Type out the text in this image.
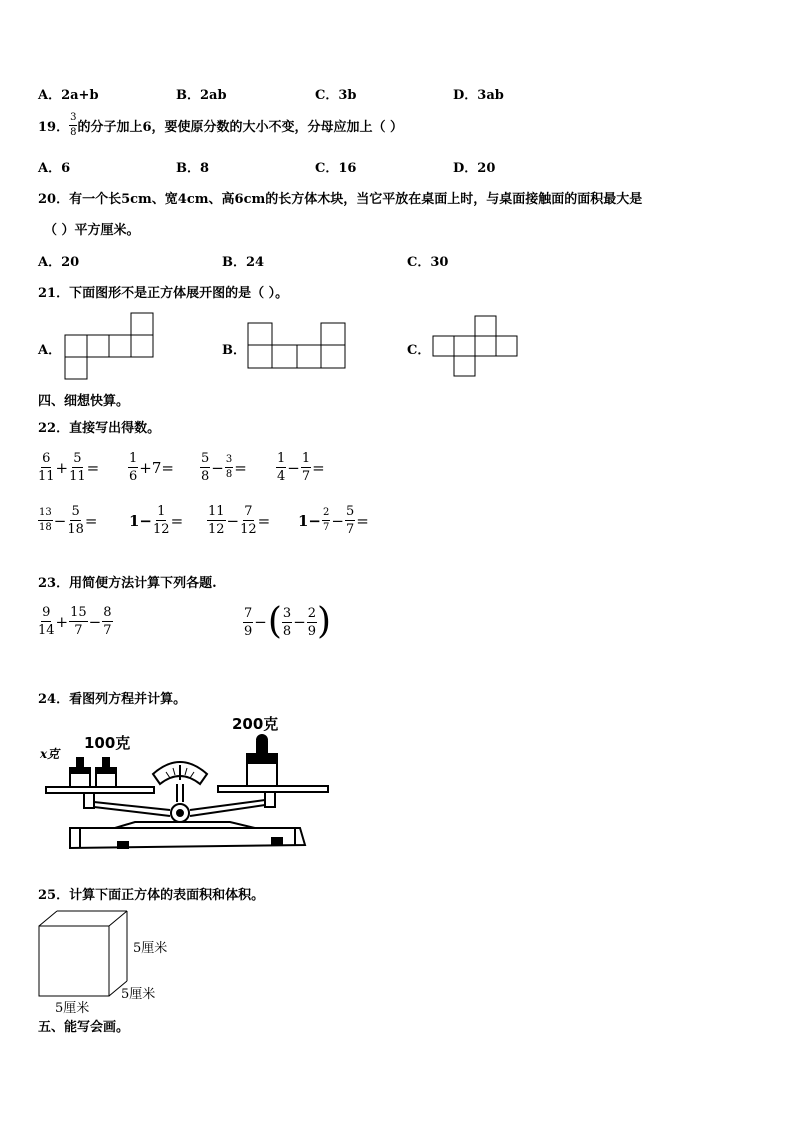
A．2a+b	B．2ab	C．3b	D．3ab
19． $\frac{3}{8}$ 的分子加上6，要使原分数的大小不变，分母应加上（ ）
A．6	B．8	C．16	D．20
20．有一个长5cm、宽4cm、高6cm的长方体木块，当它平放在桌面上时，与桌面接触面的面积最大是
（ ）平方厘米。
A．20	B．24	C．30
21．下面图形不是正方体展开图的是（ ）。
A．	B．	C．
四、细想快算。
22．直接写出得数。
$\frac{6}{11} + \frac{5}{11} = \frac{1}{6} +7= \frac{5}{8} - \frac{3}{8} = \frac{1}{4} - \frac{1}{7}$ =
$\frac{13}{18} - \frac{5}{18} = 1- \frac{1}{12} = \frac{11}{12} - \frac{7}{12} = 1- \frac{2}{7} - \frac{5}{7}$ =
23．用简便方法计算下列各题.
$\frac{9}{14} + \frac{15}{7} - \frac{8}{7}$	$\frac{7}{9}$ − ( $\frac{3}{8} - \frac{2}{9}$ )
24．看图列方程并计算。
x克
100克
200克
25．计算下面正方体的表面积和体积。
5厘米
5厘米
5厘米
五、能写会画。
